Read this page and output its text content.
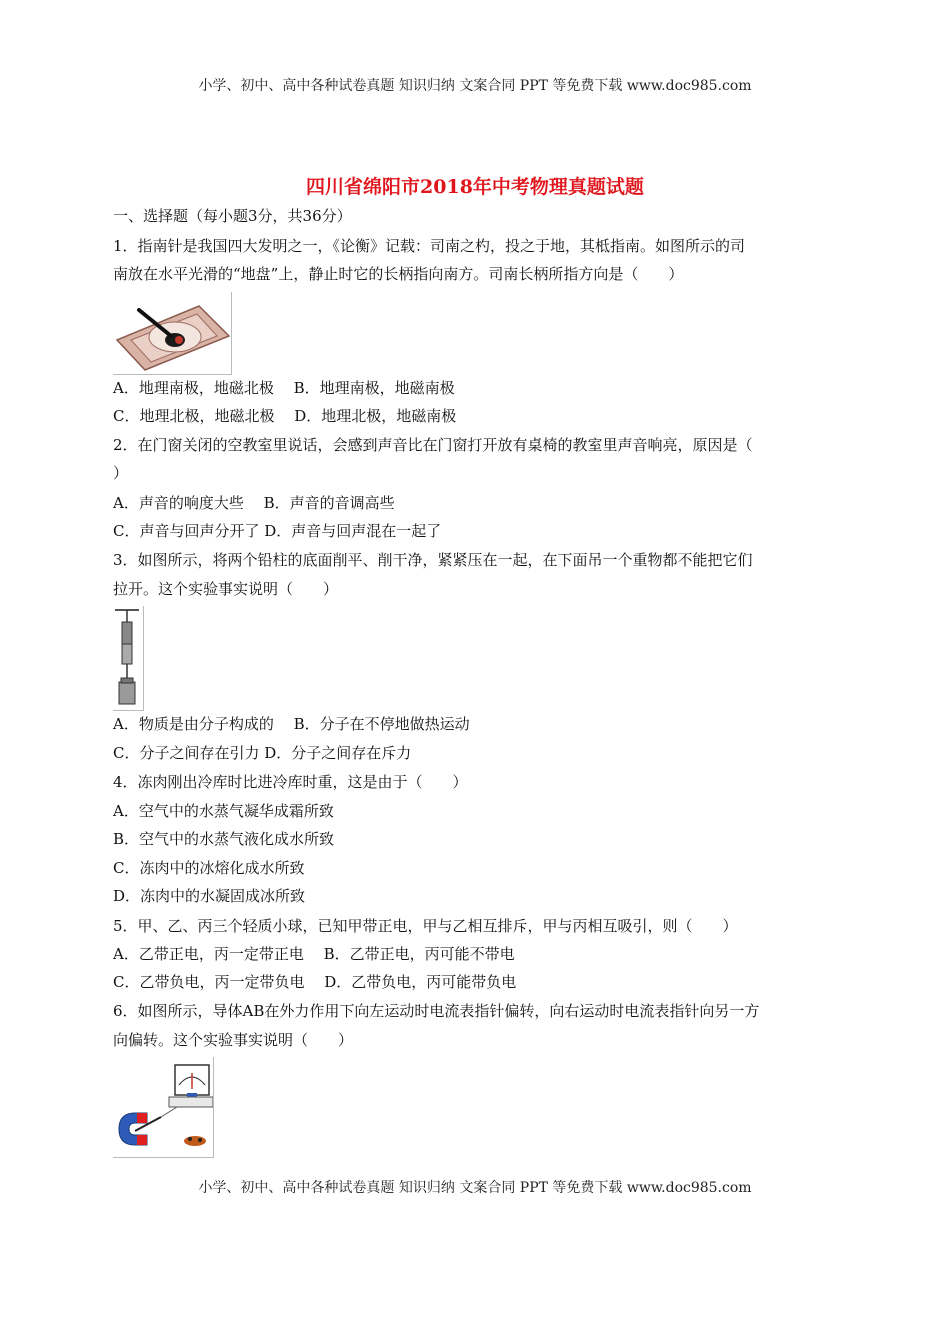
小学、初中、高中各种试卷真题 知识归纳 文案合同 PPT 等免费下载 www.doc985.com
四川省绵阳市2018年中考物理真题试题
一、选择题（每小题3分，共36分）
1．指南针是我国四大发明之一，《论衡》记载：司南之杓，投之于地，其柢指南。如图所示的司
南放在水平光滑的“地盘”上，静止时它的长柄指向南方。司南长柄所指方向是（　　）
A．地理南极，地磁北极　 B．地理南极，地磁南极
C．地理北极，地磁北极　 D．地理北极，地磁南极
2．在门窗关闭的空教室里说话，会感到声音比在门窗打开放有桌椅的教室里声音响亮，原因是（
）
A．声音的响度大些　 B．声音的音调高些
C．声音与回声分开了 D．声音与回声混在一起了
3．如图所示，将两个铅柱的底面削平、削干净，紧紧压在一起，在下面吊一个重物都不能把它们
拉开。这个实验事实说明（　　）
A．物质是由分子构成的　 B．分子在不停地做热运动
C．分子之间存在引力 D．分子之间存在斥力
4．冻肉刚出冷库时比进冷库时重，这是由于（　　）
A．空气中的水蒸气凝华成霜所致
B．空气中的水蒸气液化成水所致
C．冻肉中的冰熔化成水所致
D．冻肉中的水凝固成冰所致
5．甲、乙、丙三个轻质小球，已知甲带正电，甲与乙相互排斥，甲与丙相互吸引，则（　　）
A．乙带正电，丙一定带正电　 B．乙带正电，丙可能不带电
C．乙带负电，丙一定带负电　 D．乙带负电，丙可能带负电
6．如图所示，导体AB在外力作用下向左运动时电流表指针偏转，向右运动时电流表指针向另一方
向偏转。这个实验事实说明（　　）
小学、初中、高中各种试卷真题 知识归纳 文案合同 PPT 等免费下载 www.doc985.com
